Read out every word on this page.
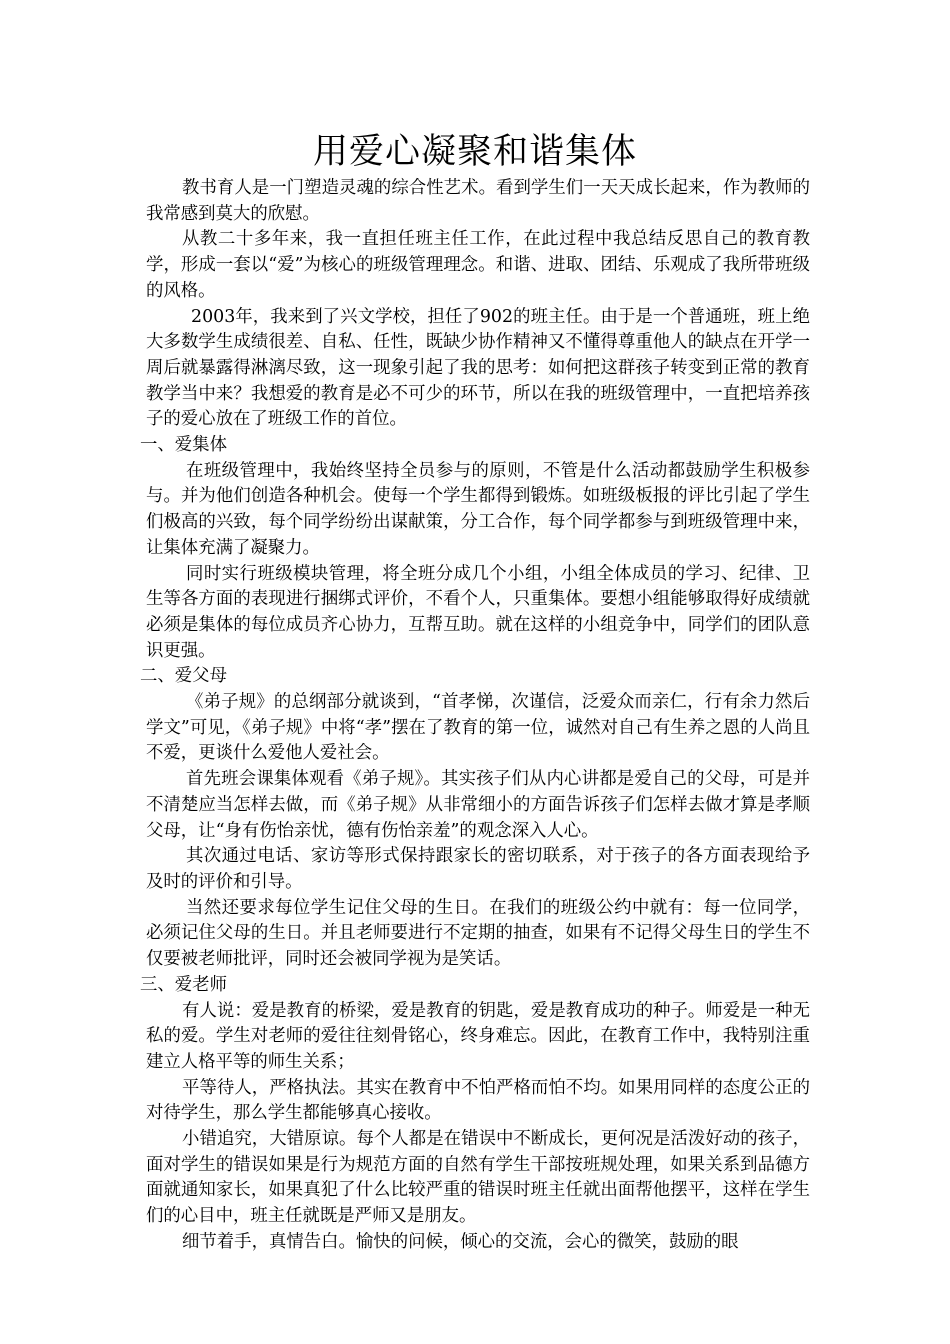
用爱心凝聚和谐集体

教书育人是一门塑造灵魂的综合性艺术。看到学生们一天天成长起来，作为教师的我常感到莫大的欣慰。

从教二十多年来，我一直担任班主任工作，在此过程中我总结反思自己的教育教学，形成一套以“爱”为核心的班级管理理念。和谐、进取、团结、乐观成了我所带班级的风格。

2003年，我来到了兴文学校，担任了902的班主任。由于是一个普通班，班上绝大多数学生成绩很差、自私、任性，既缺少协作精神又不懂得尊重他人的缺点在开学一周后就暴露得淋漓尽致，这一现象引起了我的思考：如何把这群孩子转变到正常的教育教学当中来？我想爱的教育是必不可少的环节，所以在我的班级管理中，一直把培养孩子的爱心放在了班级工作的首位。

一、爱集体

在班级管理中，我始终坚持全员参与的原则，不管是什么活动都鼓励学生积极参与。并为他们创造各种机会。使每一个学生都得到锻炼。如班级板报的评比引起了学生们极高的兴致，每个同学纷纷出谋献策，分工合作，每个同学都参与到班级管理中来，让集体充满了凝聚力。

同时实行班级模块管理，将全班分成几个小组，小组全体成员的学习、纪律、卫生等各方面的表现进行捆绑式评价，不看个人，只重集体。要想小组能够取得好成绩就必须是集体的每位成员齐心协力，互帮互助。就在这样的小组竞争中，同学们的团队意识更强。

二、爱父母

《弟子规》的总纲部分就谈到，“首孝悌，次谨信，泛爱众而亲仁，行有余力然后学文”可见，《弟子规》中将“孝”摆在了教育的第一位，诚然对自己有生养之恩的人尚且不爱，更谈什么爱他人爱社会。

首先班会课集体观看《弟子规》。其实孩子们从内心讲都是爱自己的父母，可是并不清楚应当怎样去做，而《弟子规》从非常细小的方面告诉孩子们怎样去做才算是孝顺父母，让“身有伤怡亲忧，德有伤怡亲羞”的观念深入人心。

其次通过电话、家访等形式保持跟家长的密切联系，对于孩子的各方面表现给予及时的评价和引导。

当然还要求每位学生记住父母的生日。在我们的班级公约中就有：每一位同学，必须记住父母的生日。并且老师要进行不定期的抽查，如果有不记得父母生日的学生不仅要被老师批评，同时还会被同学视为是笑话。

三、爱老师

有人说：爱是教育的桥梁，爱是教育的钥匙，爱是教育成功的种子。师爱是一种无私的爱。学生对老师的爱往往刻骨铭心，终身难忘。因此，在教育工作中，我特别注重建立人格平等的师生关系；

平等待人，严格执法。其实在教育中不怕严格而怕不均。如果用同样的态度公正的对待学生，那么学生都能够真心接收。

小错追究，大错原谅。每个人都是在错误中不断成长，更何况是活泼好动的孩子，面对学生的错误如果是行为规范方面的自然有学生干部按班规处理，如果关系到品德方面就通知家长，如果真犯了什么比较严重的错误时班主任就出面帮他摆平，这样在学生们的心目中，班主任就既是严师又是朋友。

细节着手，真情告白。愉快的问候，倾心的交流，会心的微笑，鼓励的眼
